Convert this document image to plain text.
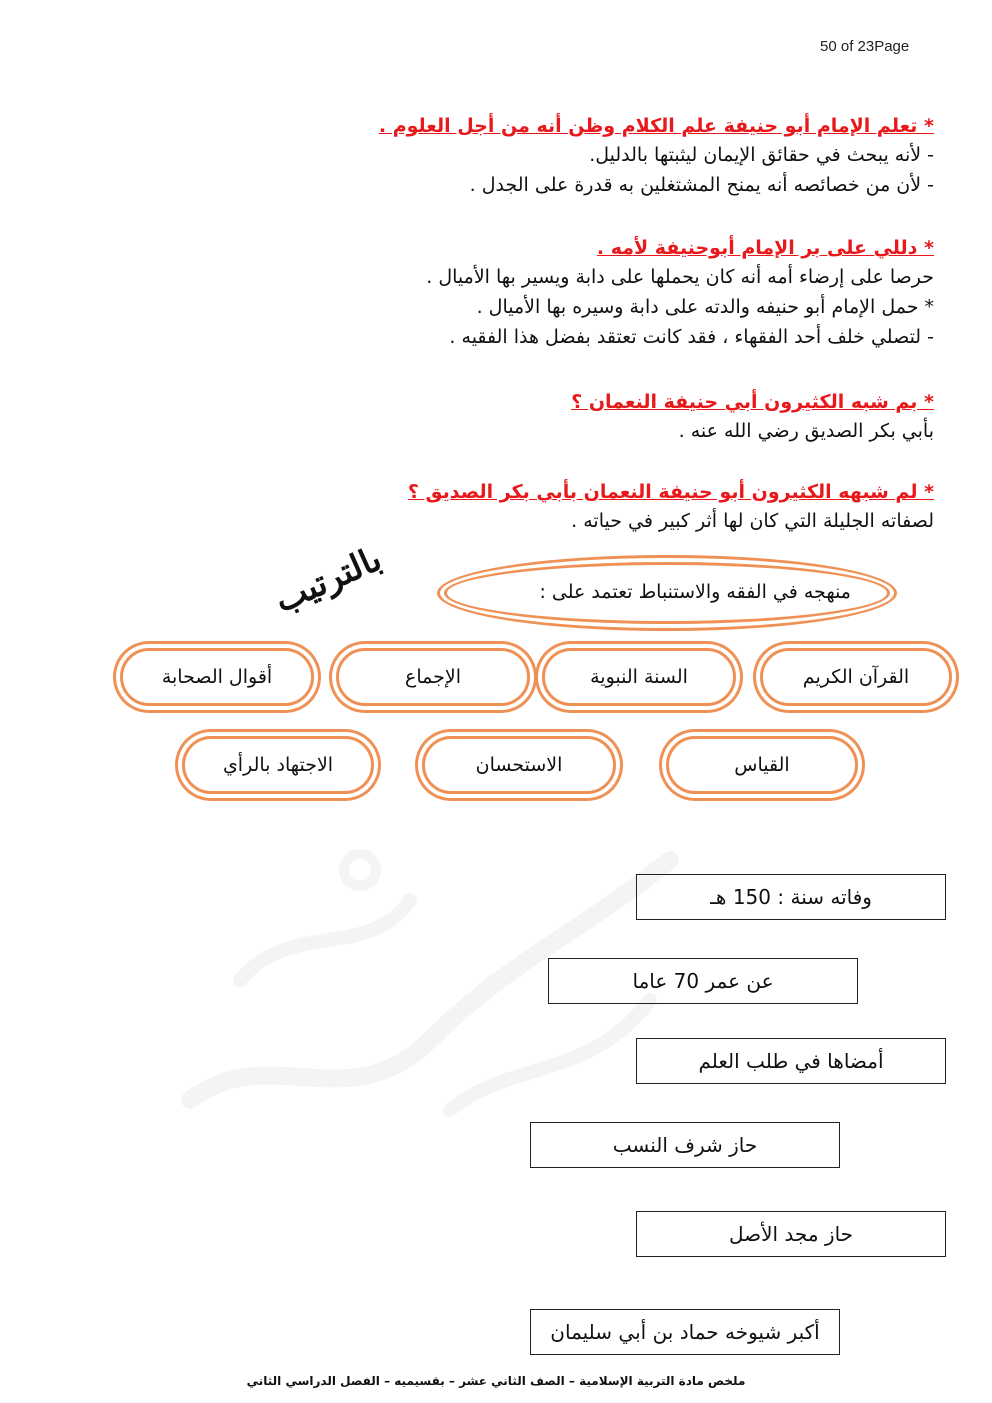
50 of 23Page
* تعلم الإمام أبو حنيفة علم الكلام وظن أنه من أجل العلوم .
- لأنه يبحث في حقائق الإيمان ليثبتها بالدليل.
- لأن من خصائصه أنه يمنح المشتغلين به قدرة على الجدل .
* دللي على بر الإمام أبوحنيفة لأمه .
حرصا على إرضاء أمه أنه كان يحملها على دابة ويسير بها الأميال .
* حمل الإمام أبو حنيفه والدته على دابة وسيره بها الأميال .
- لتصلي خلف أحد الفقهاء ، فقد كانت تعتقد بفضل هذا الفقيه .
* بم شبه الكثيرون أبي حنيفة النعمان ؟
بأبي بكر الصديق رضي الله عنه .
* لم شبهه الكثيرون أبو حنيفة النعمان بأبي بكر الصديق ؟
لصفاته الجليلة التي كان لها أثر كبير في حياته .
بالترتيب	منهجه في الفقه والاستنباط تعتمد على :
القرآن الكريم
السنة النبوية
الإجماع
أقوال الصحابة
القياس
الاستحسان
الاجتهاد بالرأي
وفاته سنة : 150 هـ
عن عمر 70 عاما
أمضاها في طلب العلم
حاز شرف النسب
حاز مجد الأصل
أكبر شيوخه حماد بن أبي سليمان
ملخص مادة التربية الإسلامية – الصف الثاني عشر – بقسيميه – الفصل الدراسي الثاني
